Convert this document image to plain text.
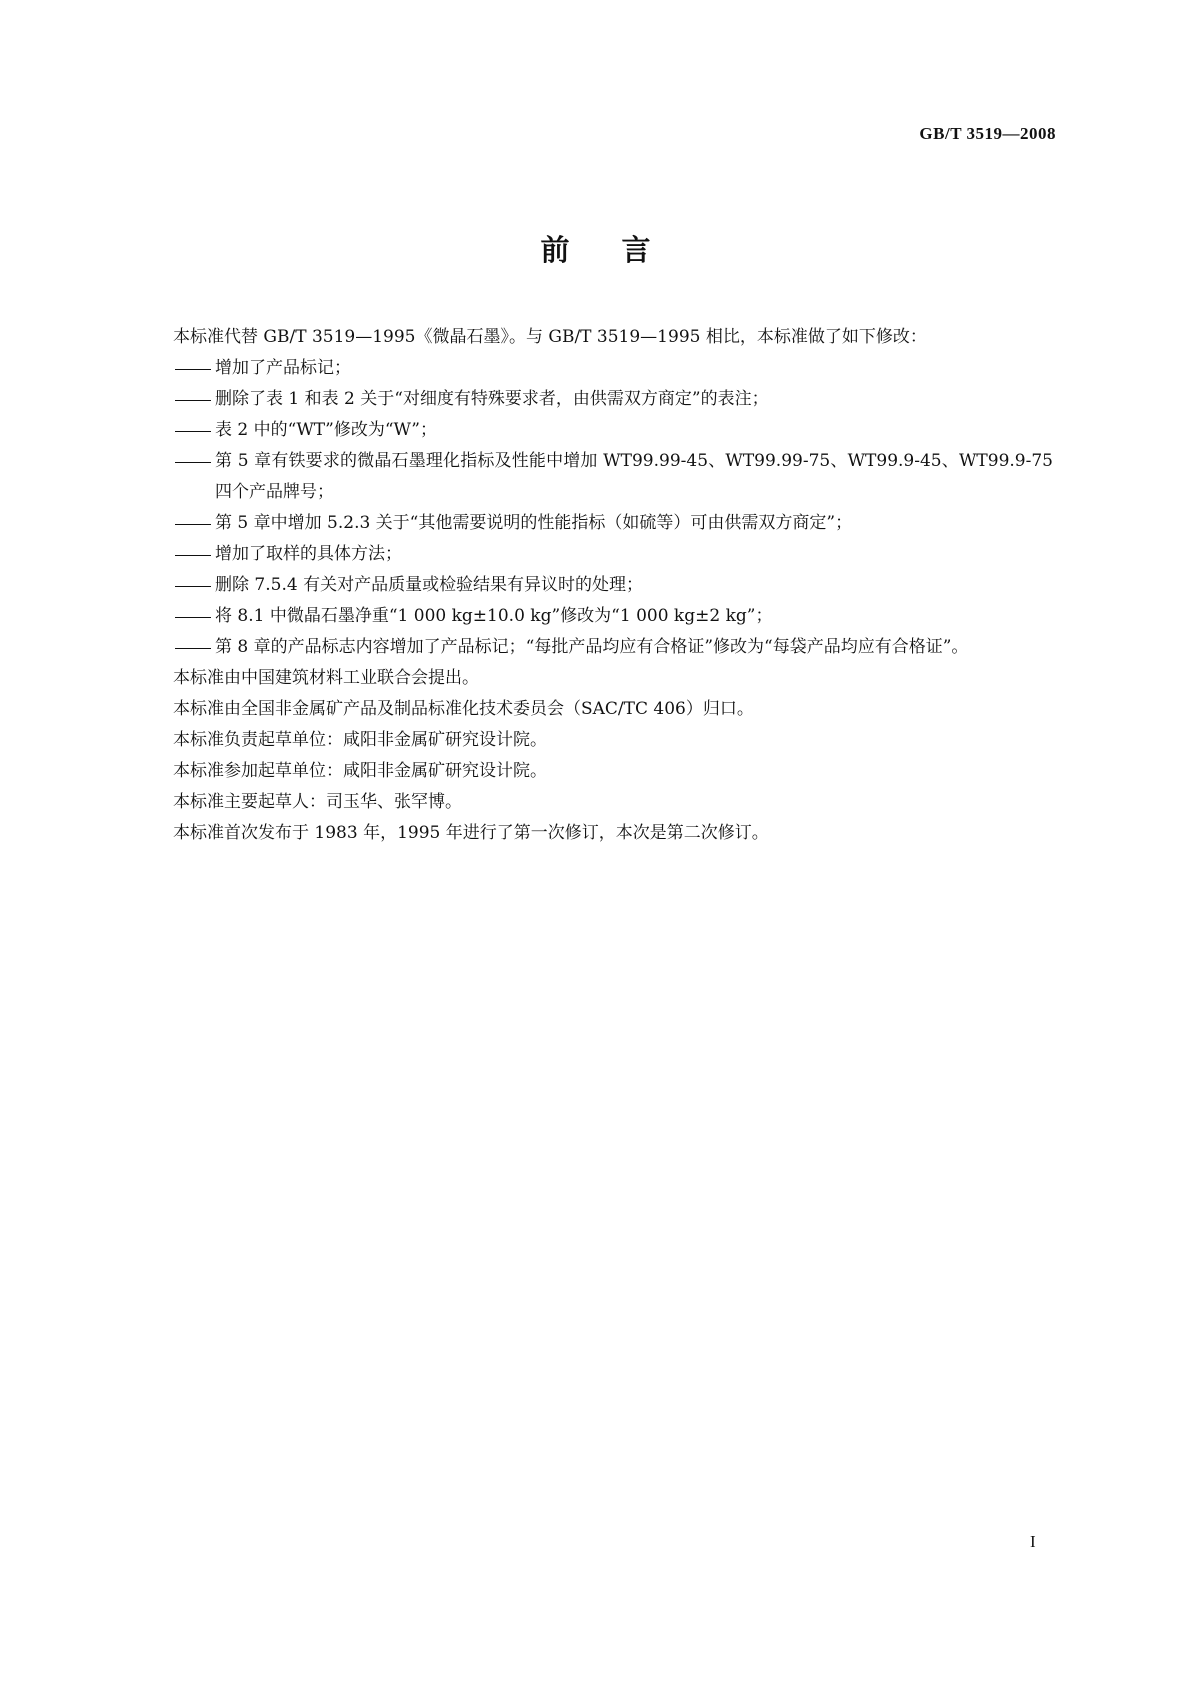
GB/T 3519—2008
前言

本标准代替 GB/T 3519—1995《微晶石墨》。与 GB/T 3519—1995 相比，本标准做了如下修改：

增加了产品标记；

删除了表 1 和表 2 关于“对细度有特殊要求者，由供需双方商定”的表注；

表 2 中的“WT”修改为“W”；

第 5 章有铁要求的微晶石墨理化指标及性能中增加 WT99.99-45、WT99.99-75、WT99.9-45、WT99.9-75 四个产品牌号；

第 5 章中增加 5.2.3 关于“其他需要说明的性能指标（如硫等）可由供需双方商定”；

增加了取样的具体方法；

删除 7.5.4 有关对产品质量或检验结果有异议时的处理；

将 8.1 中微晶石墨净重“1 000 kg±10.0 kg”修改为“1 000 kg±2 kg”；

第 8 章的产品标志内容增加了产品标记；“每批产品均应有合格证”修改为“每袋产品均应有合格证”。

本标准由中国建筑材料工业联合会提出。

本标准由全国非金属矿产品及制品标准化技术委员会（SAC/TC 406）归口。

本标准负责起草单位：咸阳非金属矿研究设计院。

本标准参加起草单位：咸阳非金属矿研究设计院。

本标准主要起草人：司玉华、张罕博。

本标准首次发布于 1983 年，1995 年进行了第一次修订，本次是第二次修订。

I
